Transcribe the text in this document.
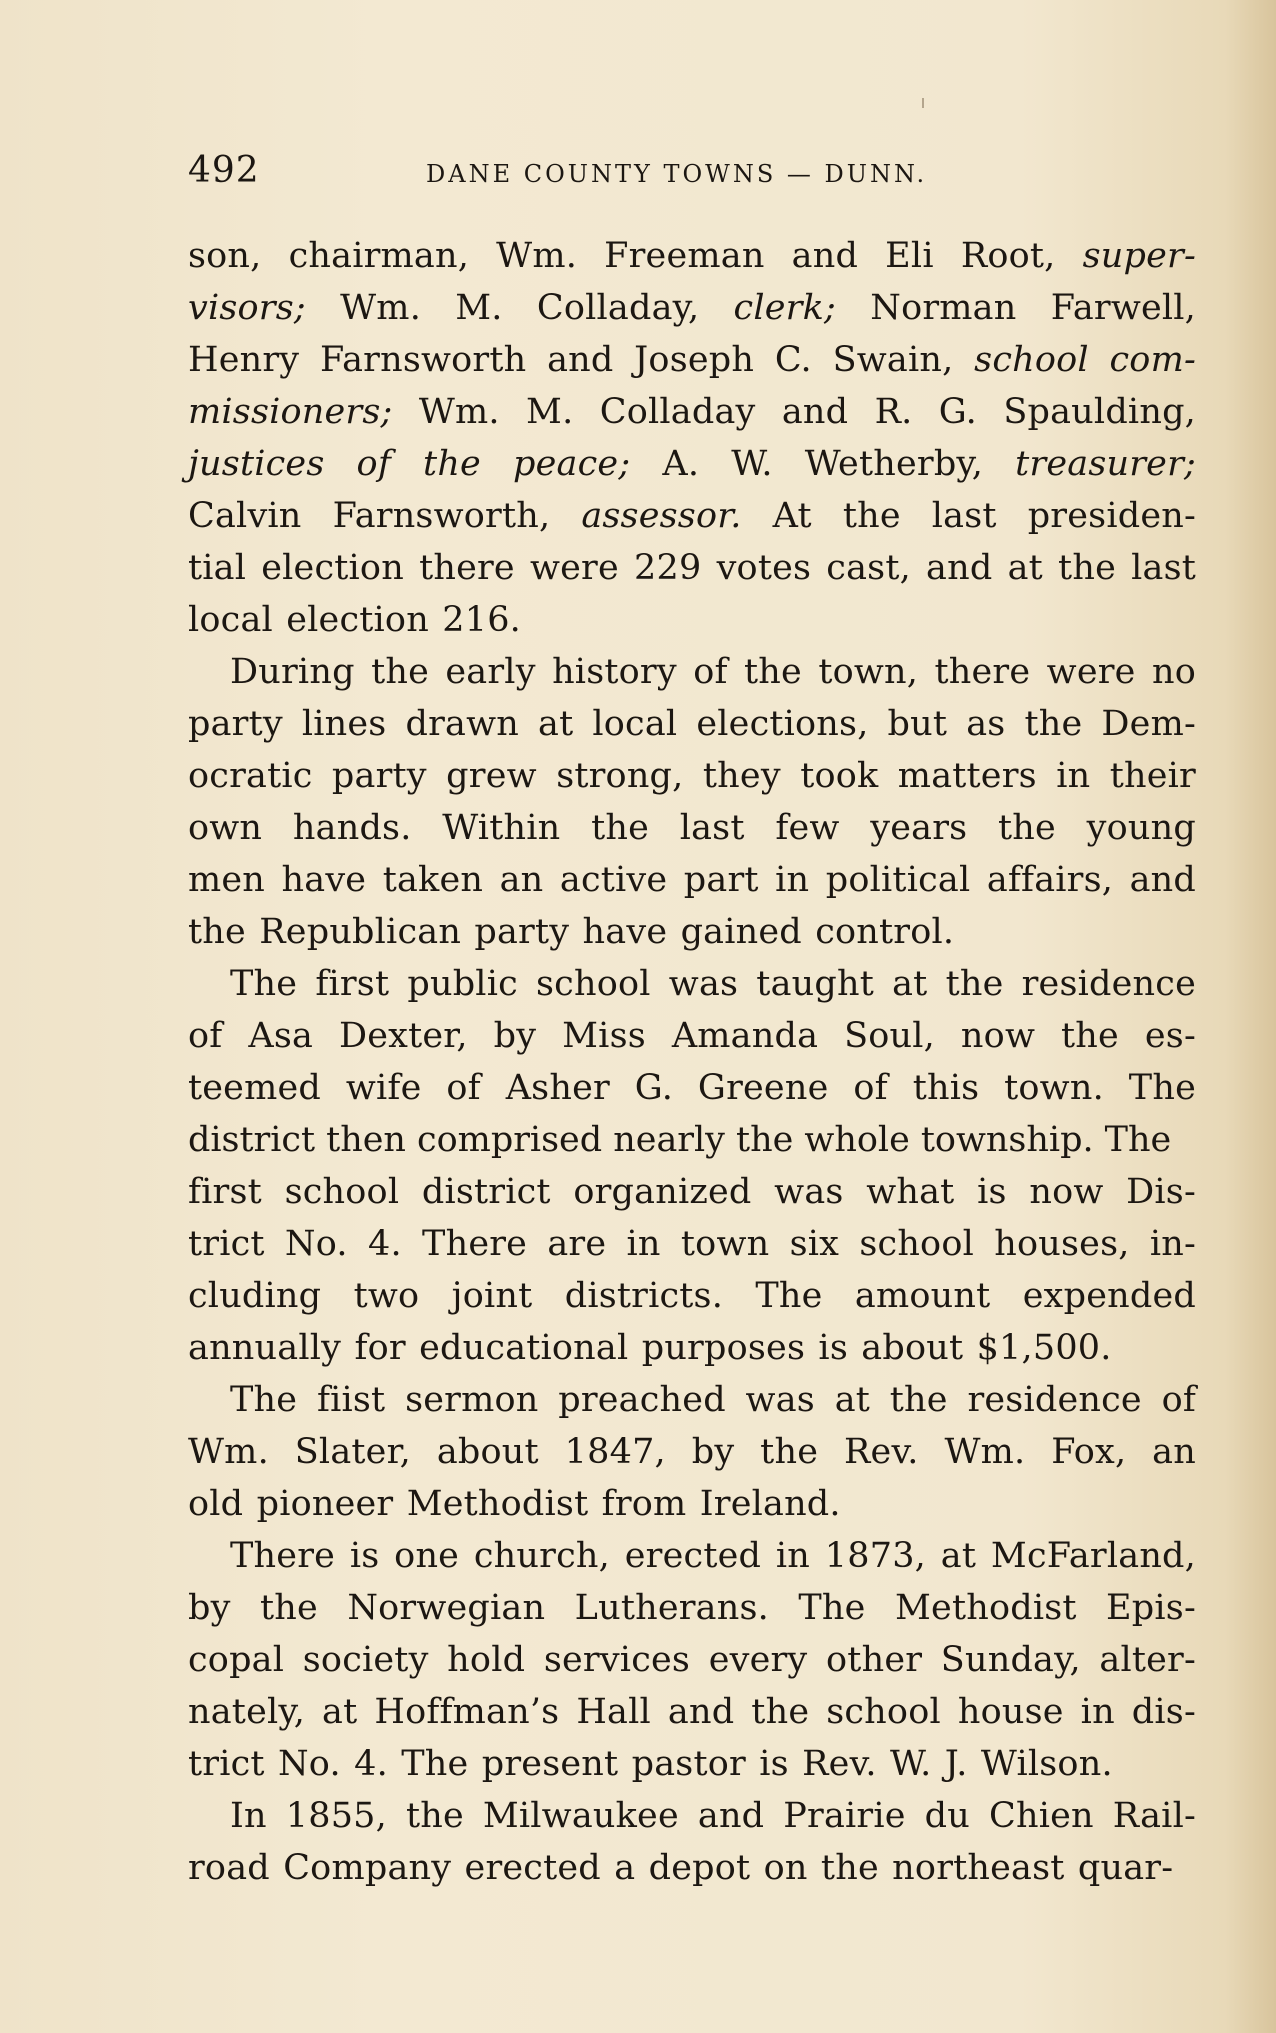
492	DANE COUNTY TOWNS — DUNN.
son, chairman, Wm. Freeman and Eli Root, super-
visors; Wm. M. Colladay, clerk; Norman Farwell,
Henry Farnsworth and Joseph C. Swain, school com-
missioners; Wm. M. Colladay and R. G. Spaulding,
justices of the peace; A. W. Wetherby, treasurer;
Calvin Farnsworth, assessor. At the last presiden-
tial election there were 229 votes cast, and at the last
local election 216.
During the early history of the town, there were no
party lines drawn at local elections, but as the Dem-
ocratic party grew strong, they took matters in their
own hands. Within the last few years the young
men have taken an active part in political affairs, and
the Republican party have gained control.
The first public school was taught at the residence
of Asa Dexter, by Miss Amanda Soul, now the es-
teemed wife of Asher G. Greene of this town. The
district then comprised nearly the whole township. The
first school district organized was what is now Dis-
trict No. 4. There are in town six school houses, in-
cluding two joint districts. The amount expended
annually for educational purposes is about $1,500.
The fiist sermon preached was at the residence of
Wm. Slater, about 1847, by the Rev. Wm. Fox, an
old pioneer Methodist from Ireland.
There is one church, erected in 1873, at McFarland,
by the Norwegian Lutherans. The Methodist Epis-
copal society hold services every other Sunday, alter-
nately, at Hoffman’s Hall and the school house in dis-
trict No. 4. The present pastor is Rev. W. J. Wilson.
In 1855, the Milwaukee and Prairie du Chien Rail-
road Company erected a depot on the northeast quar-
